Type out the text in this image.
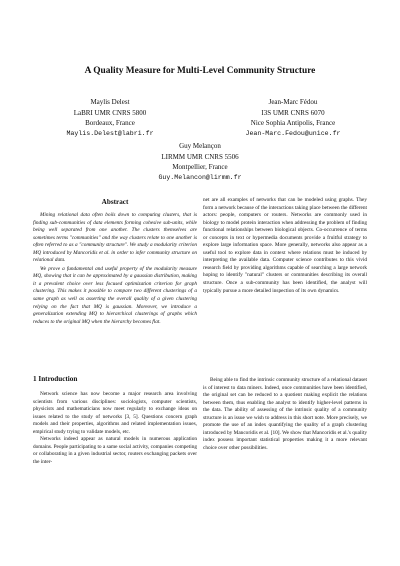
A Quality Measure for Multi-Level Community Structure
Maylis Delest
LaBRI UMR CNRS 5800
Bordeaux, France
Maylis.Delest@labri.fr
Jean-Marc Fédou
I3S UMR CNRS 6070
Nice Sophia Antipolis, France
Jean-Marc.Fedou@unice.fr
Guy Melançon
LIRMM UMR CNRS 5506
Montpellier, France
Guy.Melancon@lirmm.fr
Abstract

Mining relational data often boils down to computing clusters, that is finding sub-communities of data elements forming cohesive sub-units, while being well separated from one another. The clusters themselves are sometimes terms "communities" and the way clusters relate to one another is often referred to as a "community structure". We study a modularity criterion MQ introduced by Mancoridis et al. in order to infer community structure on relational data.

We prove a fundamental and useful property of the modularity measure MQ, showing that it can be approximated by a gaussian distribution, making it a prevalent choice over less focused optimization criterion for graph clustering. This makes it possible to compare two different clusterings of a same graph as well as asserting the overall quality of a given clustering relying on the fact that MQ is gaussian. Moreover, we introduce a generalization extending MQ to hierarchical clusterings of graphs which reduces to the original MQ when the hierarchy becomes flat.

net are all examples of networks that can be modeled using graphs. They form a network because of the interactions taking place between the different actors: people, computers or routers. Networks are commonly used in biology to model protein interaction when addressing the problem of finding functional relationships between biological objects. Co-occurrence of terms or concepts in text or hypermedia documents provide a fruitful strategy to explore large information space. More generally, networks also appear as a useful tool to explore data in context where relations must be induced by interpreting the available data. Computer science contributes to this vivid research field by providing algorithms capable of searching a large network hoping to identify "natural" clusters or communities describing its overall structure. Once a sub-community has been identified, the analyst will typically pursue a more detailed inspection of its own dynamics.

1 Introduction

Network science has now become a major research area involving scientists from various disciplines: sociologists, computer scientists, physicists and mathematicians now meet regularly to exchange ideas on issues related to the study of networks [3, 5]. Questions concern graph models and their properties, algorithms and related implementation issues, empirical study trying to validate models, etc.

Networks indeed appear as natural models in numerous application domains. People participating to a same social activity, companies competing or collaborating in a given industrial sector, routers exchanging packets over the inter-

Being able to find the intrinsic community structure of a relational dataset is of interest to data miners. Indeed, once communities have been identified, the original set can be reduced to a quotient making explicit the relations between them, thus enabling the analyst to identify higher-level patterns in the data. The ability of assessing of the intrinsic quality of a community structure is an issue we wish to address in this short note. More precisely, we promote the use of an index quantifying the quality of a graph clustering introduced by Mancoridis et al. [10]. We show that Mancoridis et al.'s quality index possess important statistical properties making it a more relevant choice over other possibilities.
